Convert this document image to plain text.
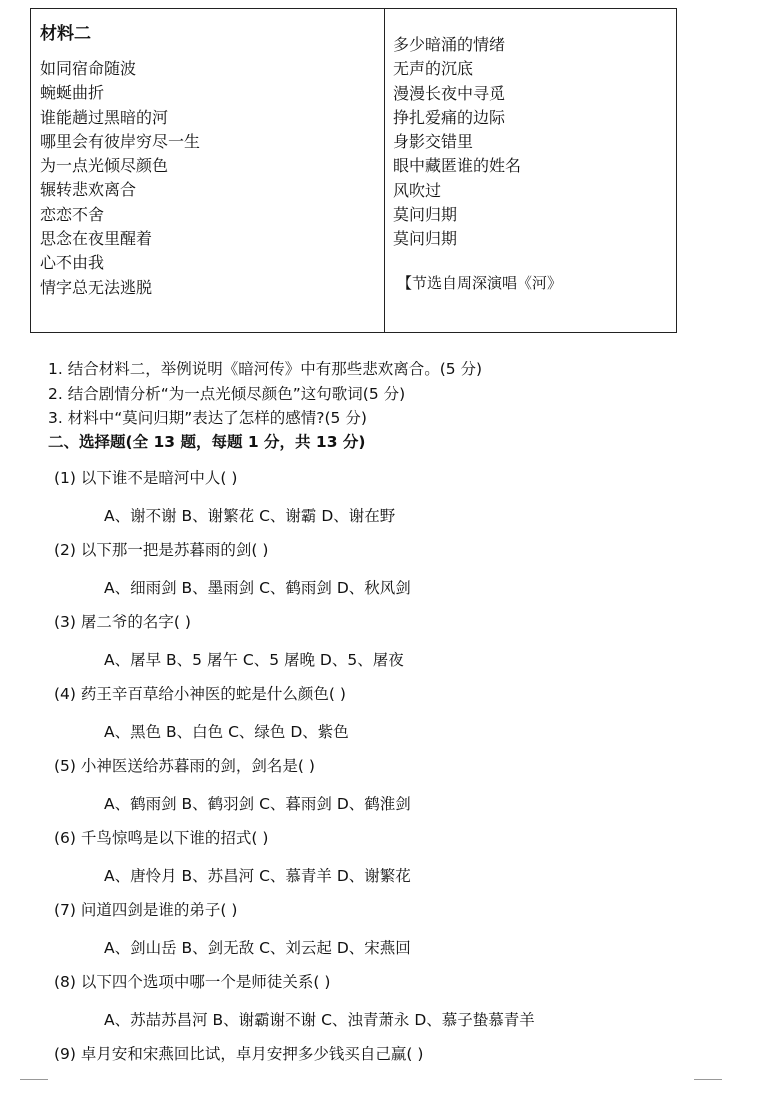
材料二
如同宿命随波
蜿蜒曲折
谁能趟过黑暗的河
哪里会有彼岸穷尽一生
为一点光倾尽颜色
辗转悲欢离合
恋恋不舍
思念在夜里醒着
心不由我
情字总无法逃脱
多少暗涌的情绪
无声的沉底
漫漫长夜中寻觅
挣扎爱痛的边际
身影交错里
眼中藏匿谁的姓名
风吹过
莫问归期
莫问归期
【节选自周深演唱《河》
1. 结合材料二，举例说明《暗河传》中有那些悲欢离合。(5 分)
2. 结合剧情分析“为一点光倾尽颜色”这句歌词(5 分)
3. 材料中“莫问归期”表达了怎样的感情?(5 分)
二、选择题(全 13 题，每题 1 分，共 13 分)
(1) 以下谁不是暗河中人( )
A、谢不谢 B、谢繁花 C、谢霸 D、谢在野
(2) 以下那一把是苏暮雨的剑( )
A、细雨剑 B、墨雨剑 C、鹤雨剑 D、秋风剑
(3) 屠二爷的名字( )
A、屠早 B、5 屠午 C、5 屠晚 D、5、屠夜
(4) 药王辛百草给小神医的蛇是什么颜色( )
A、黑色 B、白色 C、绿色 D、紫色
(5) 小神医送给苏暮雨的剑，剑名是( )
A、鹤雨剑 B、鹤羽剑 C、暮雨剑 D、鹤淮剑
(6) 千鸟惊鸣是以下谁的招式( )
A、唐怜月 B、苏昌河 C、慕青羊 D、谢繁花
(7) 问道四剑是谁的弟子( )
A、剑山岳 B、剑无敌 C、刘云起 D、宋燕回
(8) 以下四个选项中哪一个是师徒关系( )
A、苏喆苏昌河 B、谢霸谢不谢 C、浊青萧永 D、慕子蛰慕青羊
(9) 卓月安和宋燕回比试，卓月安押多少钱买自己赢( )
